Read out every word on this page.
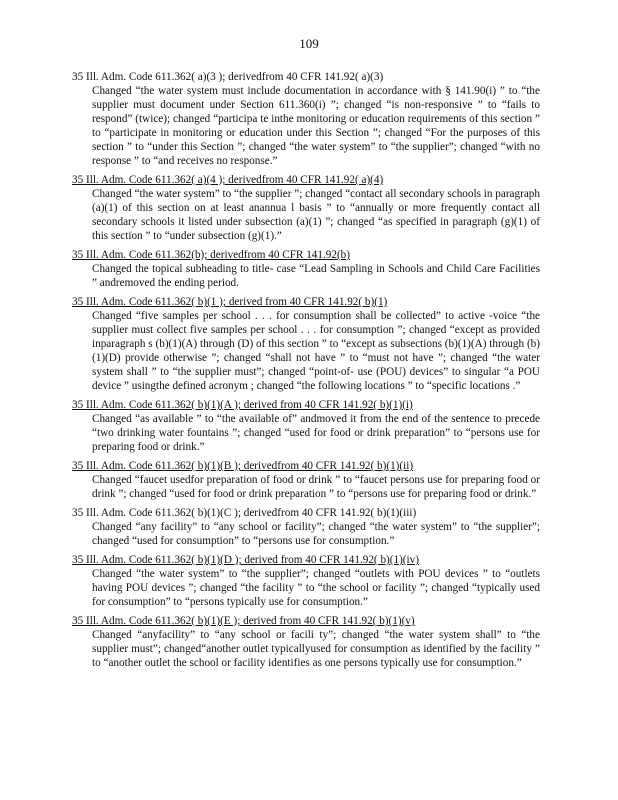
109
35 Ill. Adm. Code 611.362( a)(3 ); derivedfrom 40 CFR 141.92( a)(3)
Changed “the water system must include documentation in accordance with § 141.90(i) ” to “the supplier must document under Section 611.360(i) ”; changed “is non-responsive ” to “fails to respond” (twice); changed “participa te inthe monitoring or education requirements of this section ” to “participate in monitoring or education under this Section ”; changed “For the purposes of this section ” to “under this Section ”; changed “the water system” to “the supplier”; changed “with no response ” to “and receives no response.”
35 Ill. Adm. Code 611.362( a)(4 ); derivedfrom 40 CFR 141.92( a)(4)
Changed “the water system” to “the supplier ”; changed “contact all secondary schools in paragraph (a)(1) of this section on at least anannua l basis ” to “annually or more frequently contact all secondary schools it listed under subsection (a)(1) ”; changed “as specified in paragraph (g)(1) of this section ” to “under subsection (g)(1).”
35 Ill. Adm. Code 611.362(b); derivedfrom 40 CFR 141.92(b)
Changed the topical subheading to title- case “Lead Sampling in Schools and Child Care Facilities ” andremoved the ending period.
35 Ill. Adm. Code 611.362( b)(1 ); derived from 40 CFR 141.92( b)(1)
Changed “five samples per school . . . for consumption shall be collected” to active -voice “the supplier must collect five samples per school . . . for consumption ”; changed “except as provided inparagraph s (b)(1)(A) through (D) of this section ” to “except as subsections (b)(1)(A) through (b)(1)(D) provide otherwise ”; changed “shall not have ” to “must not have ”; changed “the water system shall ” to “the supplier must”; changed “point-of- use (POU) devices” to singular “a POU device ” usingthe defined acronym ; changed “the following locations ” to “specific locations .”
35 Ill. Adm. Code 611.362( b)(1)(A ); derived from 40 CFR 141.92( b)(1)(i)
Changed “as available ” to “the available of” andmoved it from the end of the sentence to precede “two drinking water fountains ”; changed “used for food or drink preparation” to “persons use for preparing food or drink.”
35 Ill. Adm. Code 611.362( b)(1)(B ); derivedfrom 40 CFR 141.92( b)(1)(ii)
Changed “faucet usedfor preparation of food or drink ” to “faucet persons use for preparing food or drink ”; changed “used for food or drink preparation ” to “persons use for preparing food or drink.”
35 Ill. Adm. Code 611.362( b)(1)(C ); derivedfrom 40 CFR 141.92( b)(1)(iii)
Changed “any facility” to “any school or facility”; changed “the water system” to “the supplier”; changed “used for consumption” to “persons use for consumption.”
35 Ill. Adm. Code 611.362( b)(1)(D ); derived from 40 CFR 141.92( b)(1)(iv)
Changed “the water system” to “the supplier”; changed “outlets with POU devices ” to “outlets having POU devices ”; changed “the facility ” to “the school or facility ”; changed “typically used for consumption” to “persons typically use for consumption.”
35 Ill. Adm. Code 611.362( b)(1)(E ); derived from 40 CFR 141.92( b)(1)(v)
Changed “anyfacility” to “any school or facili ty”; changed “the water system shall” to “the supplier must”; changed“another outlet typicallyused for consumption as identified by the facility ” to “another outlet the school or facility identifies as one persons typically use for consumption.”
